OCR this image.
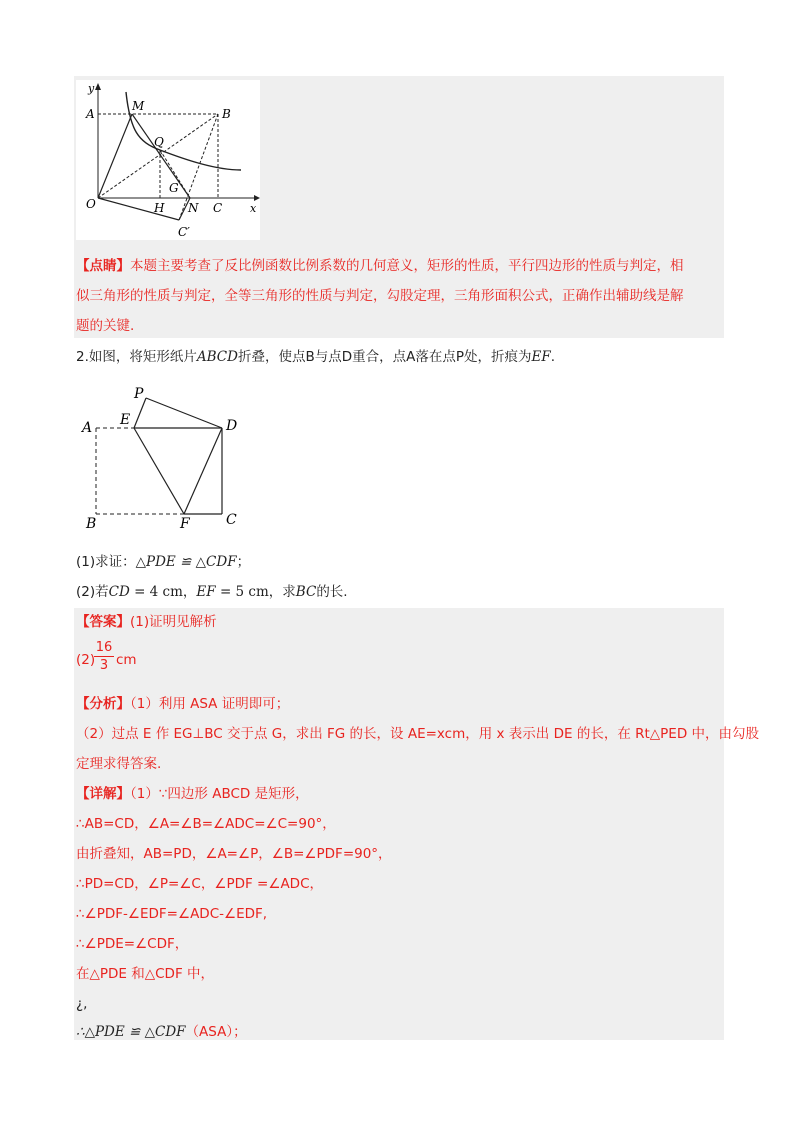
y
A
M
B
Q
G
O	H N C	x
C′
【点睛】本题主要考查了反比例函数比例系数的几何意义，矩形的性质，平行四边形的性质与判定，相
似三角形的性质与判定，全等三角形的性质与判定，勾股定理，三角形面积公式，正确作出辅助线是解
题的关键.
2.如图，将矩形纸片ABCD折叠，使点B与点D重合，点A落在点P处，折痕为EF.
P
E	D
A
B	F	C
(1)求证：△PDE ≌ △CDF；
(2)若CD = 4 cm，EF = 5 cm，求BC的长.
【答案】(1)证明见解析
(2)
$\frac{16}{3}$ cm
【分析】（1）利用 ASA 证明即可；
（2）过点 E 作 EG⊥BC 交于点 G，求出 FG 的长，设 AE=xcm，用 x 表示出 DE 的长，在 Rt△PED 中，由勾股
定理求得答案.
【详解】（1）∵四边形 ABCD 是矩形，
∴AB=CD，∠A=∠B=∠ADC=∠C=90°，
由折叠知，AB=PD，∠A=∠P，∠B=∠PDF=90°，
∴PD=CD，∠P=∠C，∠PDF =∠ADC，
∴∠PDF-∠EDF=∠ADC-∠EDF,
∴∠PDE=∠CDF，
在△PDE 和△CDF 中，
¿,
∴△PDE ≌ △CDF（ASA）；
